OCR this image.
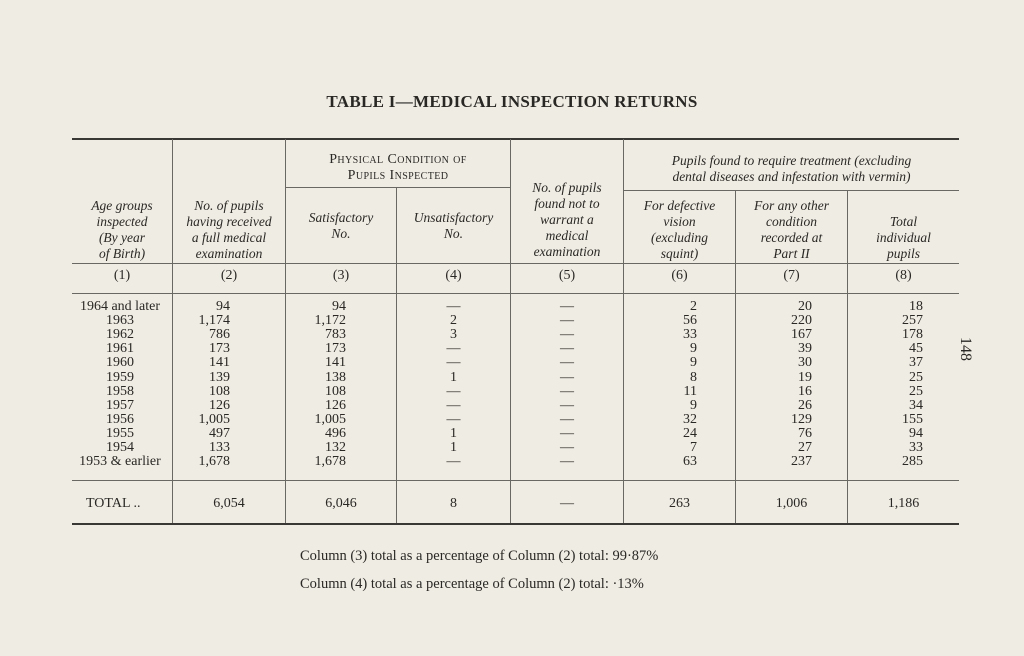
TABLE I—MEDICAL INSPECTION RETURNS
148
Age groups
inspected
(By year
of Birth)
No. of pupils
having received
a full medical
examination
Physical Condition of
Pupils Inspected
Satisfactory
No.
Unsatisfactory
No.
No. of pupils
found not to
warrant a
medical
examination
Pupils found to require treatment (excluding
dental diseases and infestation with vermin)
For defective
vision
(excluding
squint)
For any other
condition
recorded at
Part II
Total
individual
pupils
(1)	(2)	(3)	(4)	(5)	(6)	(7)	(8)
1964 and later	94	94	—	—	2	20	18
1963	1,174	1,172	2	—	56	220	257
1962	786	783	3	—	33	167	178
1961	173	173	—	—	9	39	45
1960	141	141	—	—	9	30	37
1959	139	138	1	—	8	19	25
1958	108	108	—	—	11	16	25
1957	126	126	—	—	9	26	34
1956	1,005	1,005	—	—	32	129	155
1955	497	496	1	—	24	76	94
1954	133	132	1	—	7	27	33
1953 & earlier	1,678	1,678	—	—	63	237	285
TOTAL ..	6,054	6,046	8	—	263	1,006	1,186
Column (3) total as a percentage of Column (2) total: 99·87%
Column (4) total as a percentage of Column (2) total: ·13%
